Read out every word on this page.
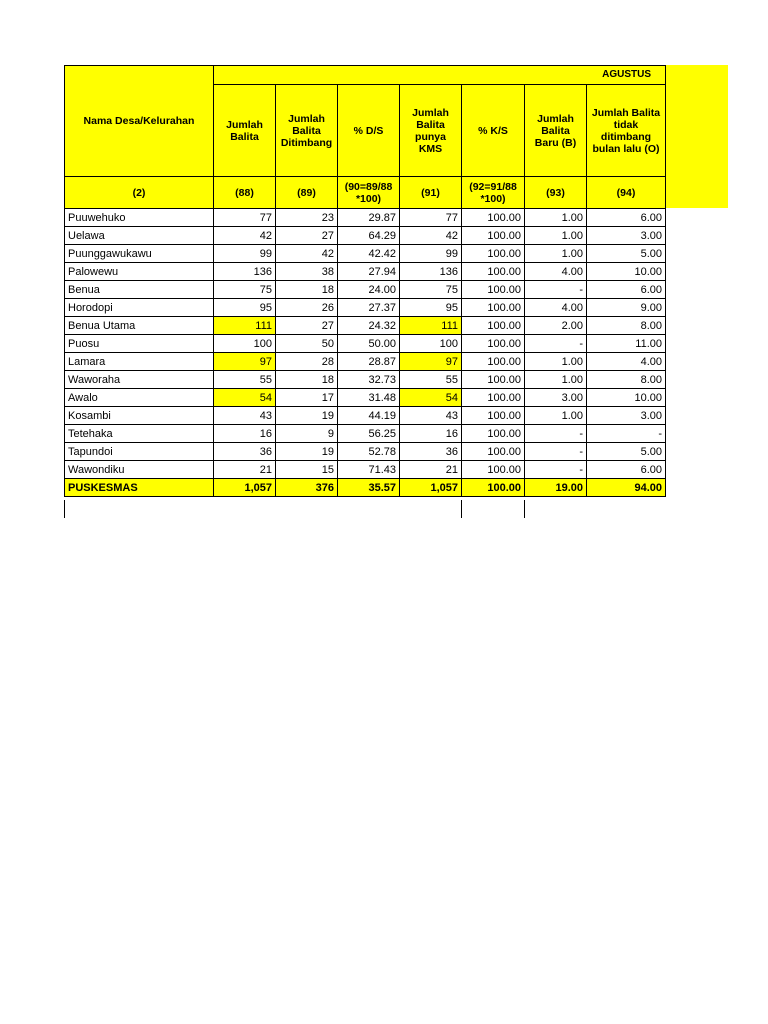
Nama Desa/Kelurahan	AGUSTUS						
	Jumlah Balita	Jumlah Balita Ditimbang	% D/S	Jumlah Balita punya KMS	% K/S	Jumlah Balita Baru (B)	Jumlah Balita tidak ditimbang bulan lalu (O)
(2)	(88)	(89)	(90=89/88 *100)	(91)	(92=91/88 *100)	(93)	(94)
Puuwehuko	77	23	29.87	77	100.00	1.00	6.00
Uelawa	42	27	64.29	42	100.00	1.00	3.00
Puunggawukawu	99	42	42.42	99	100.00	1.00	5.00
Palowewu	136	38	27.94	136	100.00	4.00	10.00
Benua	75	18	24.00	75	100.00	-	6.00
Horodopi	95	26	27.37	95	100.00	4.00	9.00
Benua Utama	111	27	24.32	111	100.00	2.00	8.00
Puosu	100	50	50.00	100	100.00	-	11.00
Lamara	97	28	28.87	97	100.00	1.00	4.00
Waworaha	55	18	32.73	55	100.00	1.00	8.00
Awalo	54	17	31.48	54	100.00	3.00	10.00
Kosambi	43	19	44.19	43	100.00	1.00	3.00
Tetehaka	16	9	56.25	16	100.00	-	-
Tapundoi	36	19	52.78	36	100.00	-	5.00
Wawondiku	21	15	71.43	21	100.00	-	6.00
PUSKESMAS	1,057	376	35.57	1,057	100.00	19.00	94.00
